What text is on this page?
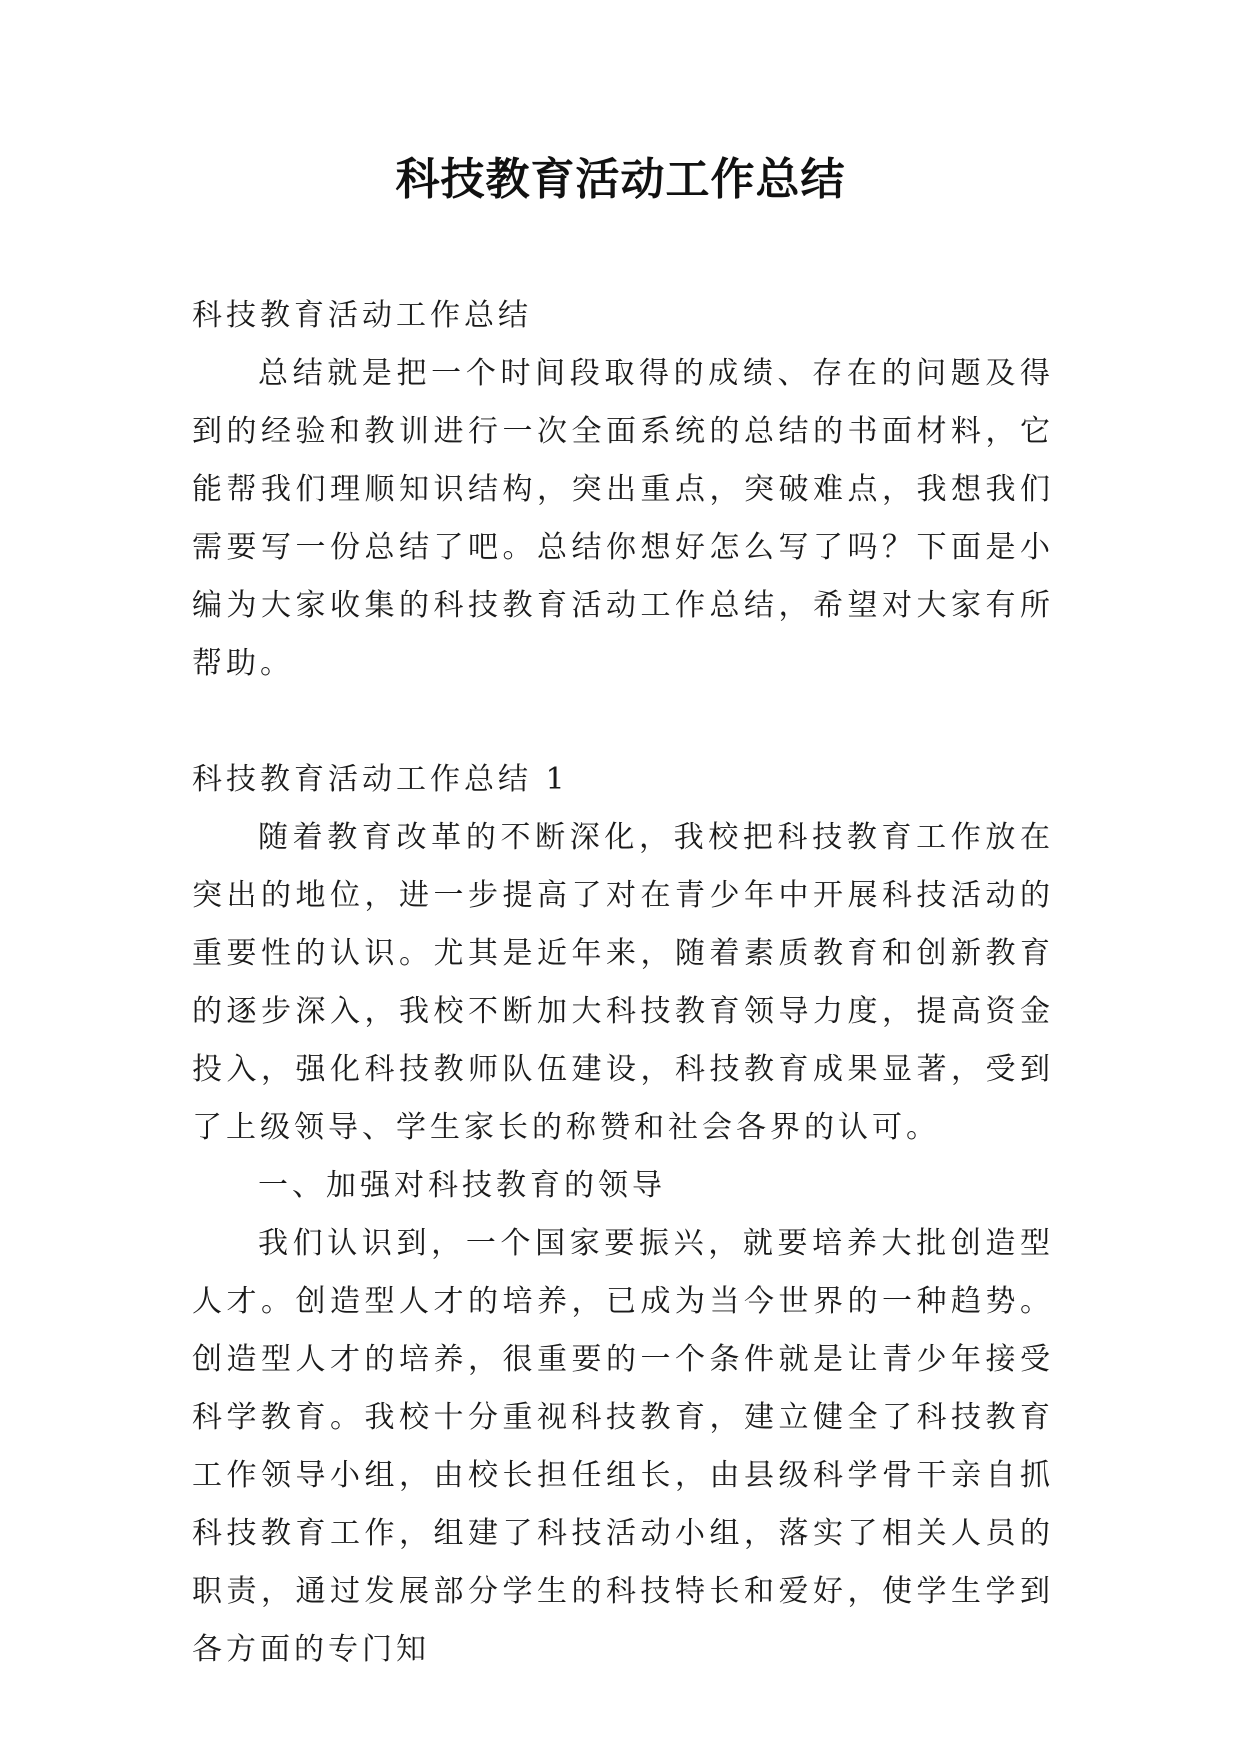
科技教育活动工作总结

科技教育活动工作总结

总结就是把一个时间段取得的成绩、存在的问题及得到的经验和教训进行一次全面系统的总结的书面材料，它能帮我们理顺知识结构，突出重点，突破难点，我想我们需要写一份总结了吧。总结你想好怎么写了吗？下面是小编为大家收集的科技教育活动工作总结，希望对大家有所帮助。

科技教育活动工作总结 1

随着教育改革的不断深化，我校把科技教育工作放在突出的地位，进一步提高了对在青少年中开展科技活动的重要性的认识。尤其是近年来，随着素质教育和创新教育的逐步深入，我校不断加大科技教育领导力度，提高资金投入，强化科技教师队伍建设，科技教育成果显著，受到了上级领导、学生家长的称赞和社会各界的认可。

一、加强对科技教育的领导

我们认识到，一个国家要振兴，就要培养大批创造型人才。创造型人才的培养，已成为当今世界的一种趋势。创造型人才的培养，很重要的一个条件就是让青少年接受科学教育。我校十分重视科技教育，建立健全了科技教育工作领导小组，由校长担任组长，由县级科学骨干亲自抓科技教育工作，组建了科技活动小组，落实了相关人员的职责，通过发展部分学生的科技特长和爱好，使学生学到各方面的专门知
